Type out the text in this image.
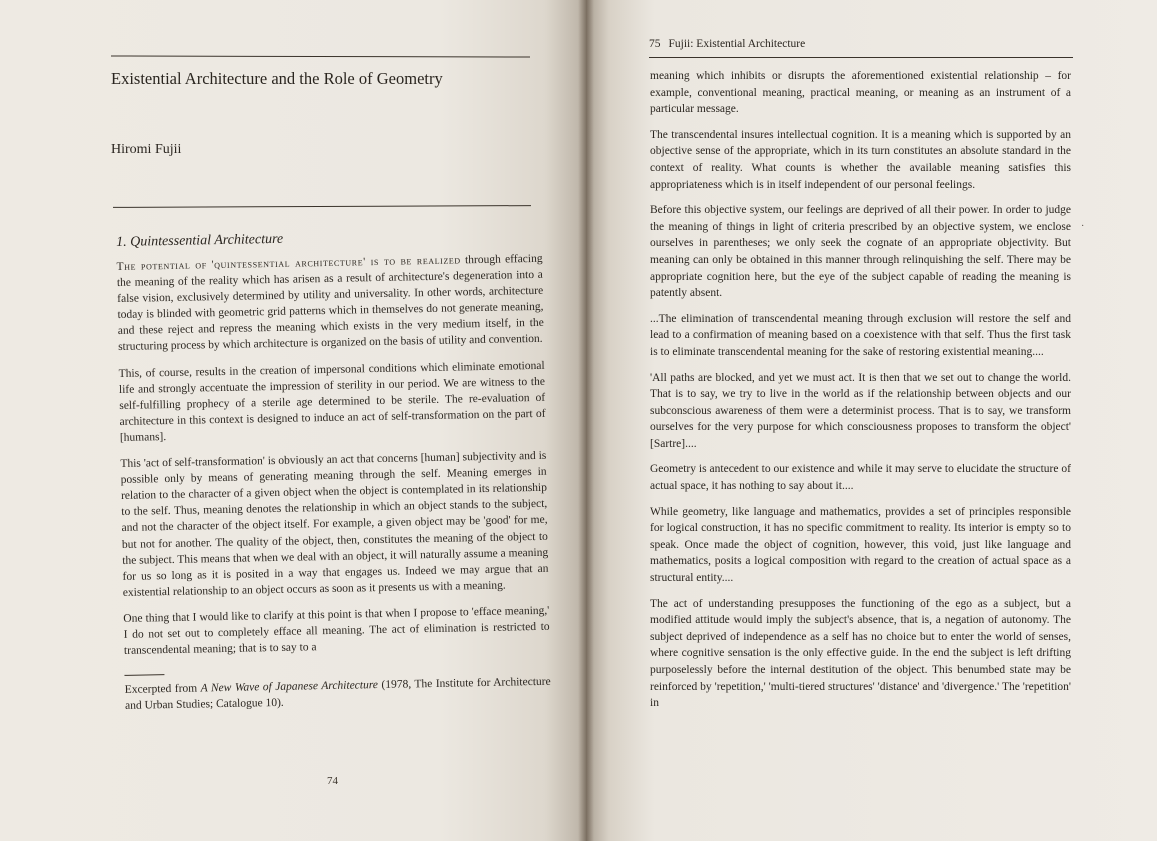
Existential Architecture and the Role of Geometry

Hiromi Fujii

1. Quintessential Architecture

The potential of 'quintessential architecture' is to be realized through effacing the meaning of the reality which has arisen as a result of architecture's degeneration into a false vision, exclusively determined by utility and universality. In other words, architecture today is blinded with geometric grid patterns which in themselves do not generate meaning, and these reject and repress the meaning which exists in the very medium itself, in the structuring process by which architecture is organized on the basis of utility and convention.

This, of course, results in the creation of impersonal conditions which eliminate emotional life and strongly accentuate the impression of sterility in our period. We are witness to the self-fulfilling prophecy of a sterile age determined to be sterile. The re-evaluation of architecture in this context is designed to induce an act of self-transformation on the part of [humans].

This 'act of self-transformation' is obviously an act that concerns [human] subjectivity and is possible only by means of generating meaning through the self. Meaning emerges in relation to the character of a given object when the object is contemplated in its relationship to the self. Thus, meaning denotes the relationship in which an object stands to the subject, and not the character of the object itself. For example, a given object may be 'good' for me, but not for another. The quality of the object, then, constitutes the meaning of the object to the subject. This means that when we deal with an object, it will naturally assume a meaning for us so long as it is posited in a way that engages us. Indeed we may argue that an existential relationship to an object occurs as soon as it presents us with a meaning.

One thing that I would like to clarify at this point is that when I propose to 'efface meaning,' I do not set out to completely efface all meaning. The act of elimination is restricted to transcendental meaning; that is to say to a

Excerpted from A New Wave of Japanese Architecture (1978, The Institute for Architecture and Urban Studies; Catalogue 10).

74
75 Fujii: Existential Architecture
·

meaning which inhibits or disrupts the aforementioned existential relationship – for example, conventional meaning, practical meaning, or meaning as an instrument of a particular message.

The transcendental insures intellectual cognition. It is a meaning which is supported by an objective sense of the appropriate, which in its turn constitutes an absolute standard in the context of reality. What counts is whether the available meaning satisfies this appropriateness which is in itself independent of our personal feelings.

Before this objective system, our feelings are deprived of all their power. In order to judge the meaning of things in light of criteria prescribed by an objective system, we enclose ourselves in parentheses; we only seek the cognate of an appropriate objectivity. But meaning can only be obtained in this manner through relinquishing the self. There may be appropriate cognition here, but the eye of the subject capable of reading the meaning is patently absent.

...The elimination of transcendental meaning through exclusion will restore the self and lead to a confirmation of meaning based on a coexistence with that self. Thus the first task is to eliminate transcendental meaning for the sake of restoring existential meaning....

'All paths are blocked, and yet we must act. It is then that we set out to change the world. That is to say, we try to live in the world as if the relationship between objects and our subconscious awareness of them were a determinist process. That is to say, we transform ourselves for the very purpose for which consciousness proposes to transform the object' [Sartre]....

Geometry is antecedent to our existence and while it may serve to elucidate the structure of actual space, it has nothing to say about it....

While geometry, like language and mathematics, provides a set of principles responsible for logical construction, it has no specific commitment to reality. Its interior is empty so to speak. Once made the object of cognition, however, this void, just like language and mathematics, posits a logical composition with regard to the creation of actual space as a structural entity....

The act of understanding presupposes the functioning of the ego as a subject, but a modified attitude would imply the subject's absence, that is, a negation of autonomy. The subject deprived of independence as a self has no choice but to enter the world of senses, where cognitive sensation is the only effective guide. In the end the subject is left drifting purposelessly before the internal destitution of the object. This benumbed state may be reinforced by 'repetition,' 'multi-tiered structures' 'distance' and 'divergence.' The 'repetition' in
